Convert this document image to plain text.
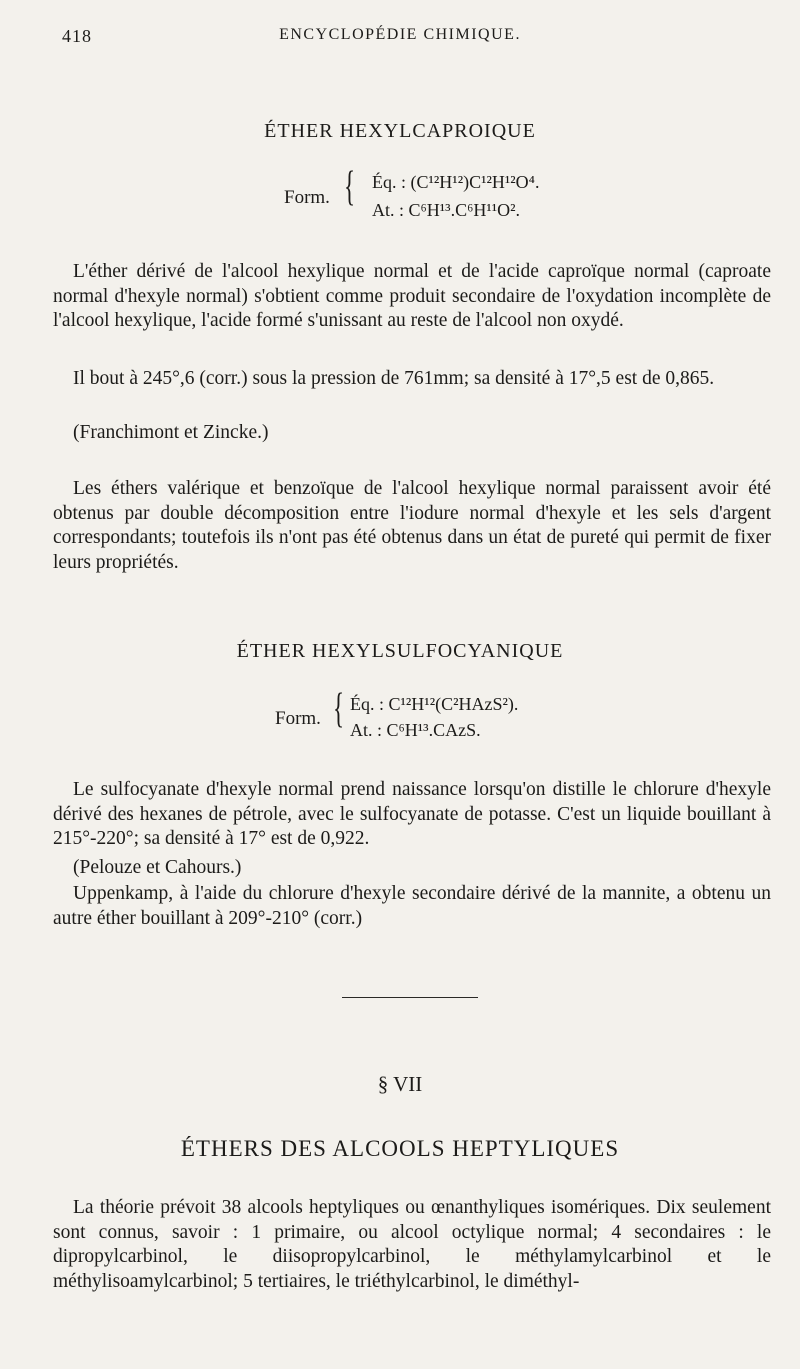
418	ENCYCLOPÉDIE CHIMIQUE.
ÉTHER HEXYLCAPROIQUE
Form. { Éq. : (C¹²H¹²)C¹²H¹²O⁴.
At. : C⁶H¹³.C⁶H¹¹O².

L'éther dérivé de l'alcool hexylique normal et de l'acide caproïque normal (caproate normal d'hexyle normal) s'obtient comme produit secondaire de l'oxydation incomplète de l'alcool hexylique, l'acide formé s'unissant au reste de l'alcool non oxydé.

Il bout à 245°,6 (corr.) sous la pression de 761mm; sa densité à 17°,5 est de 0,865.

(Franchimont et Zincke.)

Les éthers valérique et benzoïque de l'alcool hexylique normal paraissent avoir été obtenus par double décomposition entre l'iodure normal d'hexyle et les sels d'argent correspondants; toutefois ils n'ont pas été obtenus dans un état de pureté qui permit de fixer leurs propriétés.

ÉTHER HEXYLSULFOCYANIQUE
Form. { Éq. : C¹²H¹²(C²HAzS²).
At. : C⁶H¹³.CAzS.

Le sulfocyanate d'hexyle normal prend naissance lorsqu'on distille le chlorure d'hexyle dérivé des hexanes de pétrole, avec le sulfocyanate de potasse. C'est un liquide bouillant à 215°-220°; sa densité à 17° est de 0,922.

(Pelouze et Cahours.)

Uppenkamp, à l'aide du chlorure d'hexyle secondaire dérivé de la mannite, a obtenu un autre éther bouillant à 209°-210° (corr.)

§ VII
ÉTHERS DES ALCOOLS HEPTYLIQUES

La théorie prévoit 38 alcools heptyliques ou œnanthyliques isomériques. Dix seulement sont connus, savoir : 1 primaire, ou alcool octylique normal; 4 secondaires : le dipropylcarbinol, le diisopropylcarbinol, le méthylamylcarbinol et le méthylisoamylcarbinol; 5 tertiaires, le triéthylcarbinol, le diméthyl-
